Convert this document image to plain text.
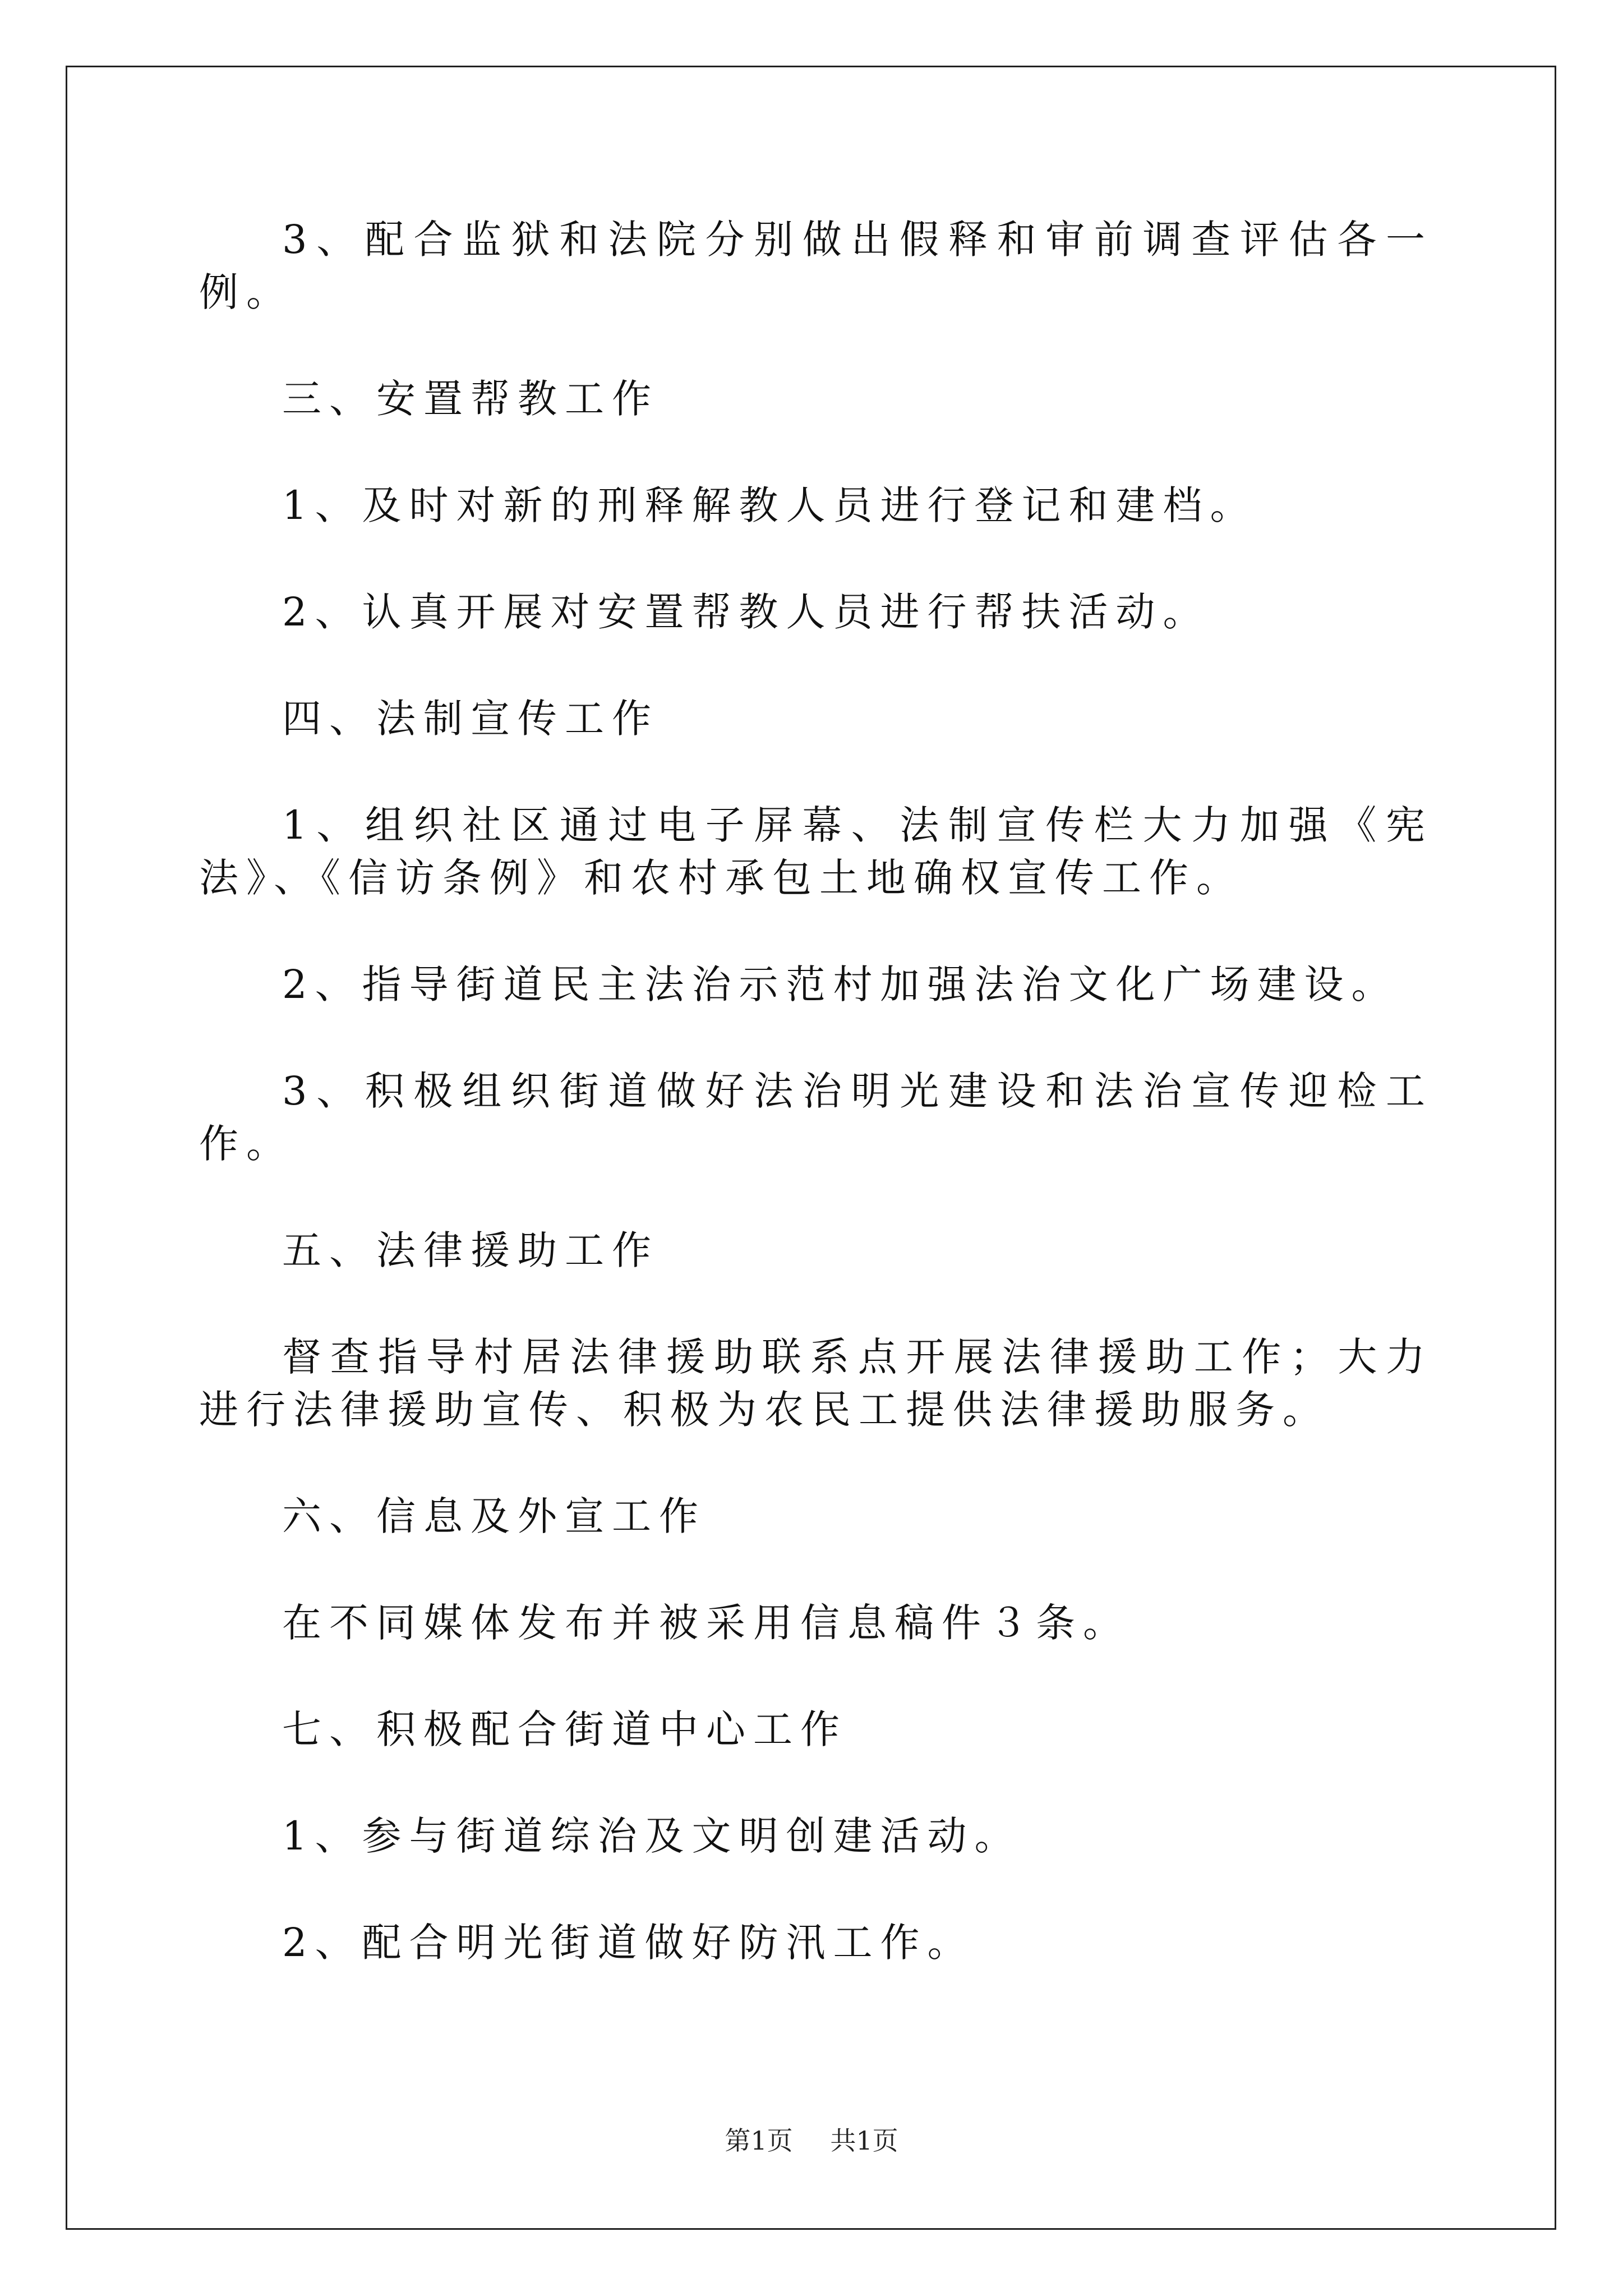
3、配合监狱和法院分别做出假释和审前调查评估各一例。

三、安置帮教工作

1、及时对新的刑释解教人员进行登记和建档。

2、认真开展对安置帮教人员进行帮扶活动。

四、法制宣传工作

1、组织社区通过电子屏幕、法制宣传栏大力加强《宪法》、《信访条例》和农村承包土地确权宣传工作。

2、指导街道民主法治示范村加强法治文化广场建设。

3、积极组织街道做好法治明光建设和法治宣传迎检工作。

五、法律援助工作

督查指导村居法律援助联系点开展法律援助工作；大力进行法律援助宣传、积极为农民工提供法律援助服务。

六、信息及外宣工作

在不同媒体发布并被采用信息稿件３条。

七、积极配合街道中心工作

1、参与街道综治及文明创建活动。

2、配合明光街道做好防汛工作。

第1页 共1页
